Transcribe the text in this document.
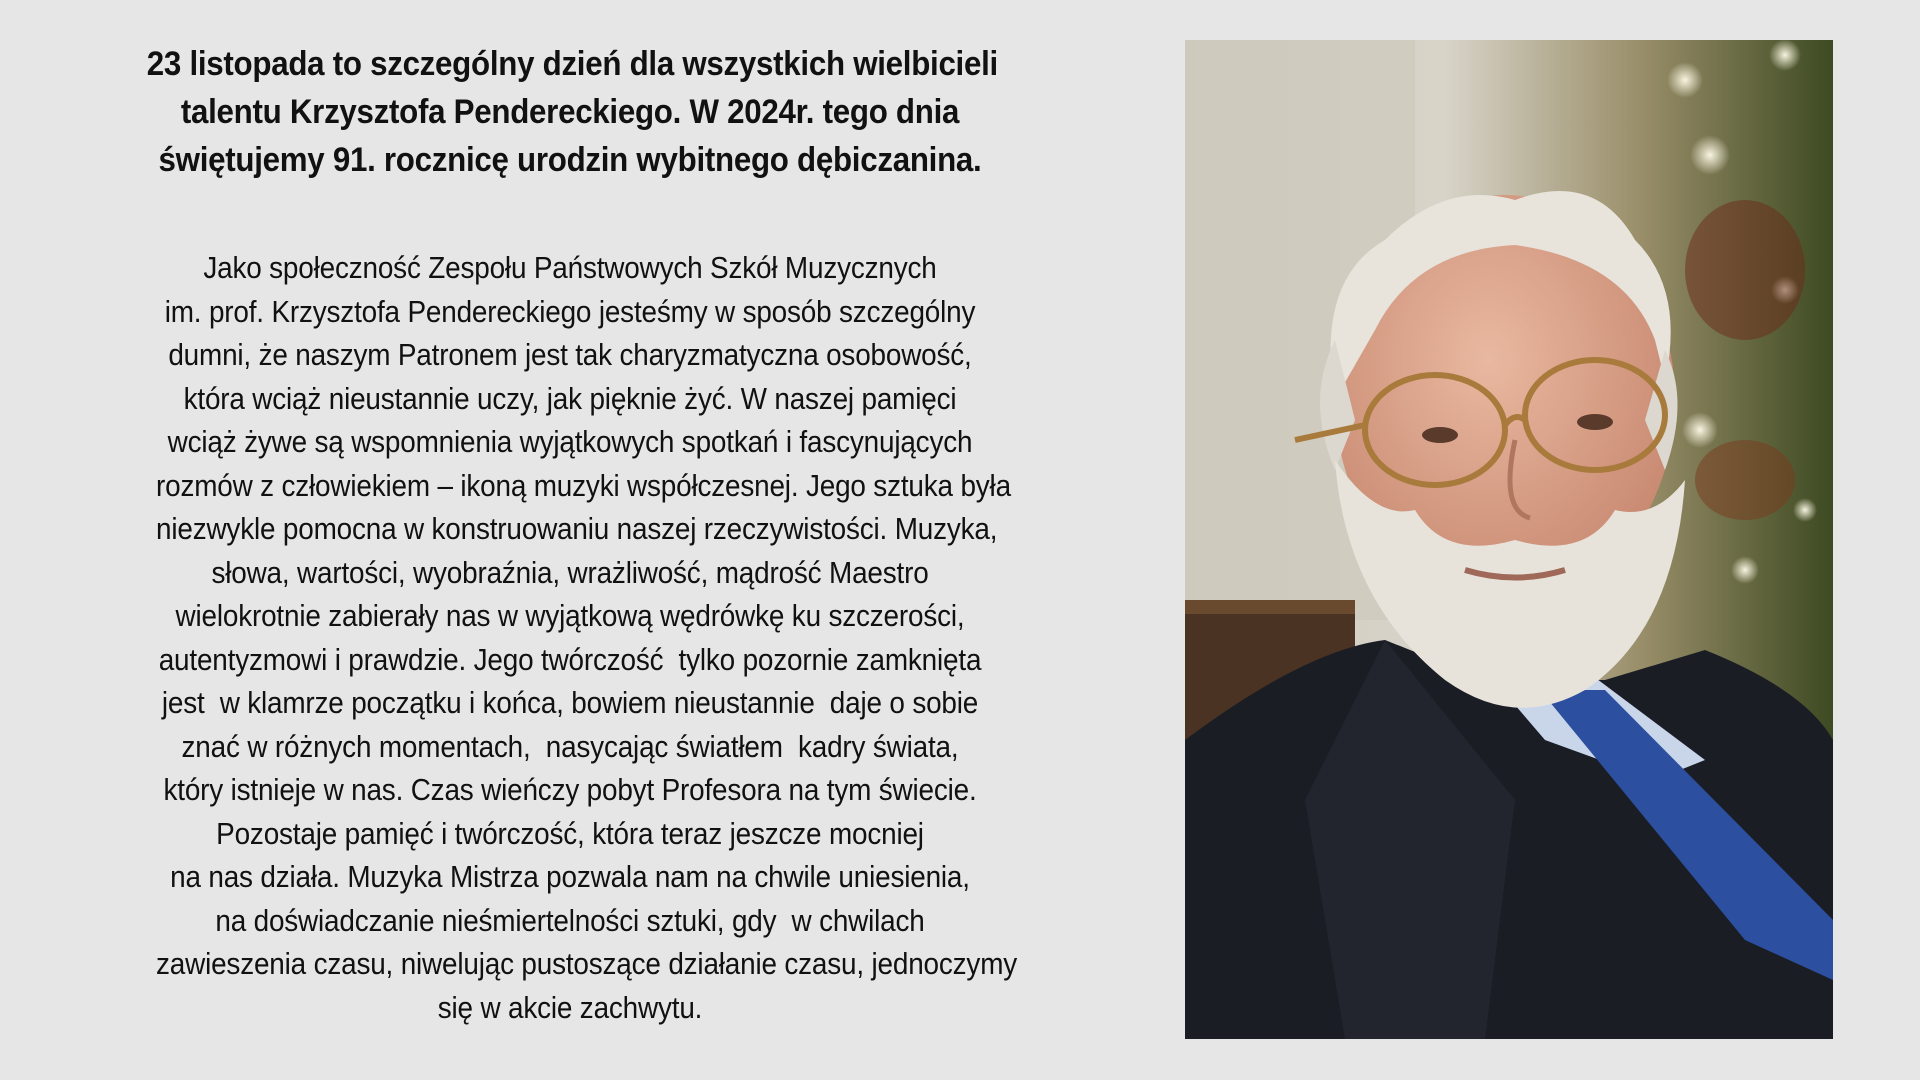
23 listopada to szczególny dzień dla wszystkich wielbicieli
talentu Krzysztofa Pendereckiego. W 2024r. tego dnia
świętujemy 91. rocznicę urodzin wybitnego dębiczanina.
Jako społeczność Zespołu Państwowych Szkół Muzycznych
im. prof. Krzysztofa Pendereckiego jesteśmy w sposób szczególny
dumni, że naszym Patronem jest tak charyzmatyczna osobowość,
która wciąż nieustannie uczy, jak pięknie żyć. W naszej pamięci
wciąż żywe są wspomnienia wyjątkowych spotkań i fascynujących
rozmów z człowiekiem – ikoną muzyki współczesnej. Jego sztuka była
niezwykle pomocna w konstruowaniu naszej rzeczywistości. Muzyka,
słowa, wartości, wyobraźnia, wrażliwość, mądrość Maestro
wielokrotnie zabierały nas w wyjątkową wędrówkę ku szczerości,
autentyzmowi i prawdzie. Jego twórczość  tylko pozornie zamknięta
jest  w klamrze początku i końca, bowiem nieustannie  daje o sobie
znać w różnych momentach,  nasycając światłem  kadry świata,
który istnieje w nas. Czas wieńczy pobyt Profesora na tym świecie.
Pozostaje pamięć i twórczość, która teraz jeszcze mocniej
na nas działa. Muzyka Mistrza pozwala nam na chwile uniesienia,
na doświadczanie nieśmiertelności sztuki, gdy  w chwilach
zawieszenia czasu, niwelując pustoszące działanie czasu, jednoczymy
się w akcie zachwytu.
